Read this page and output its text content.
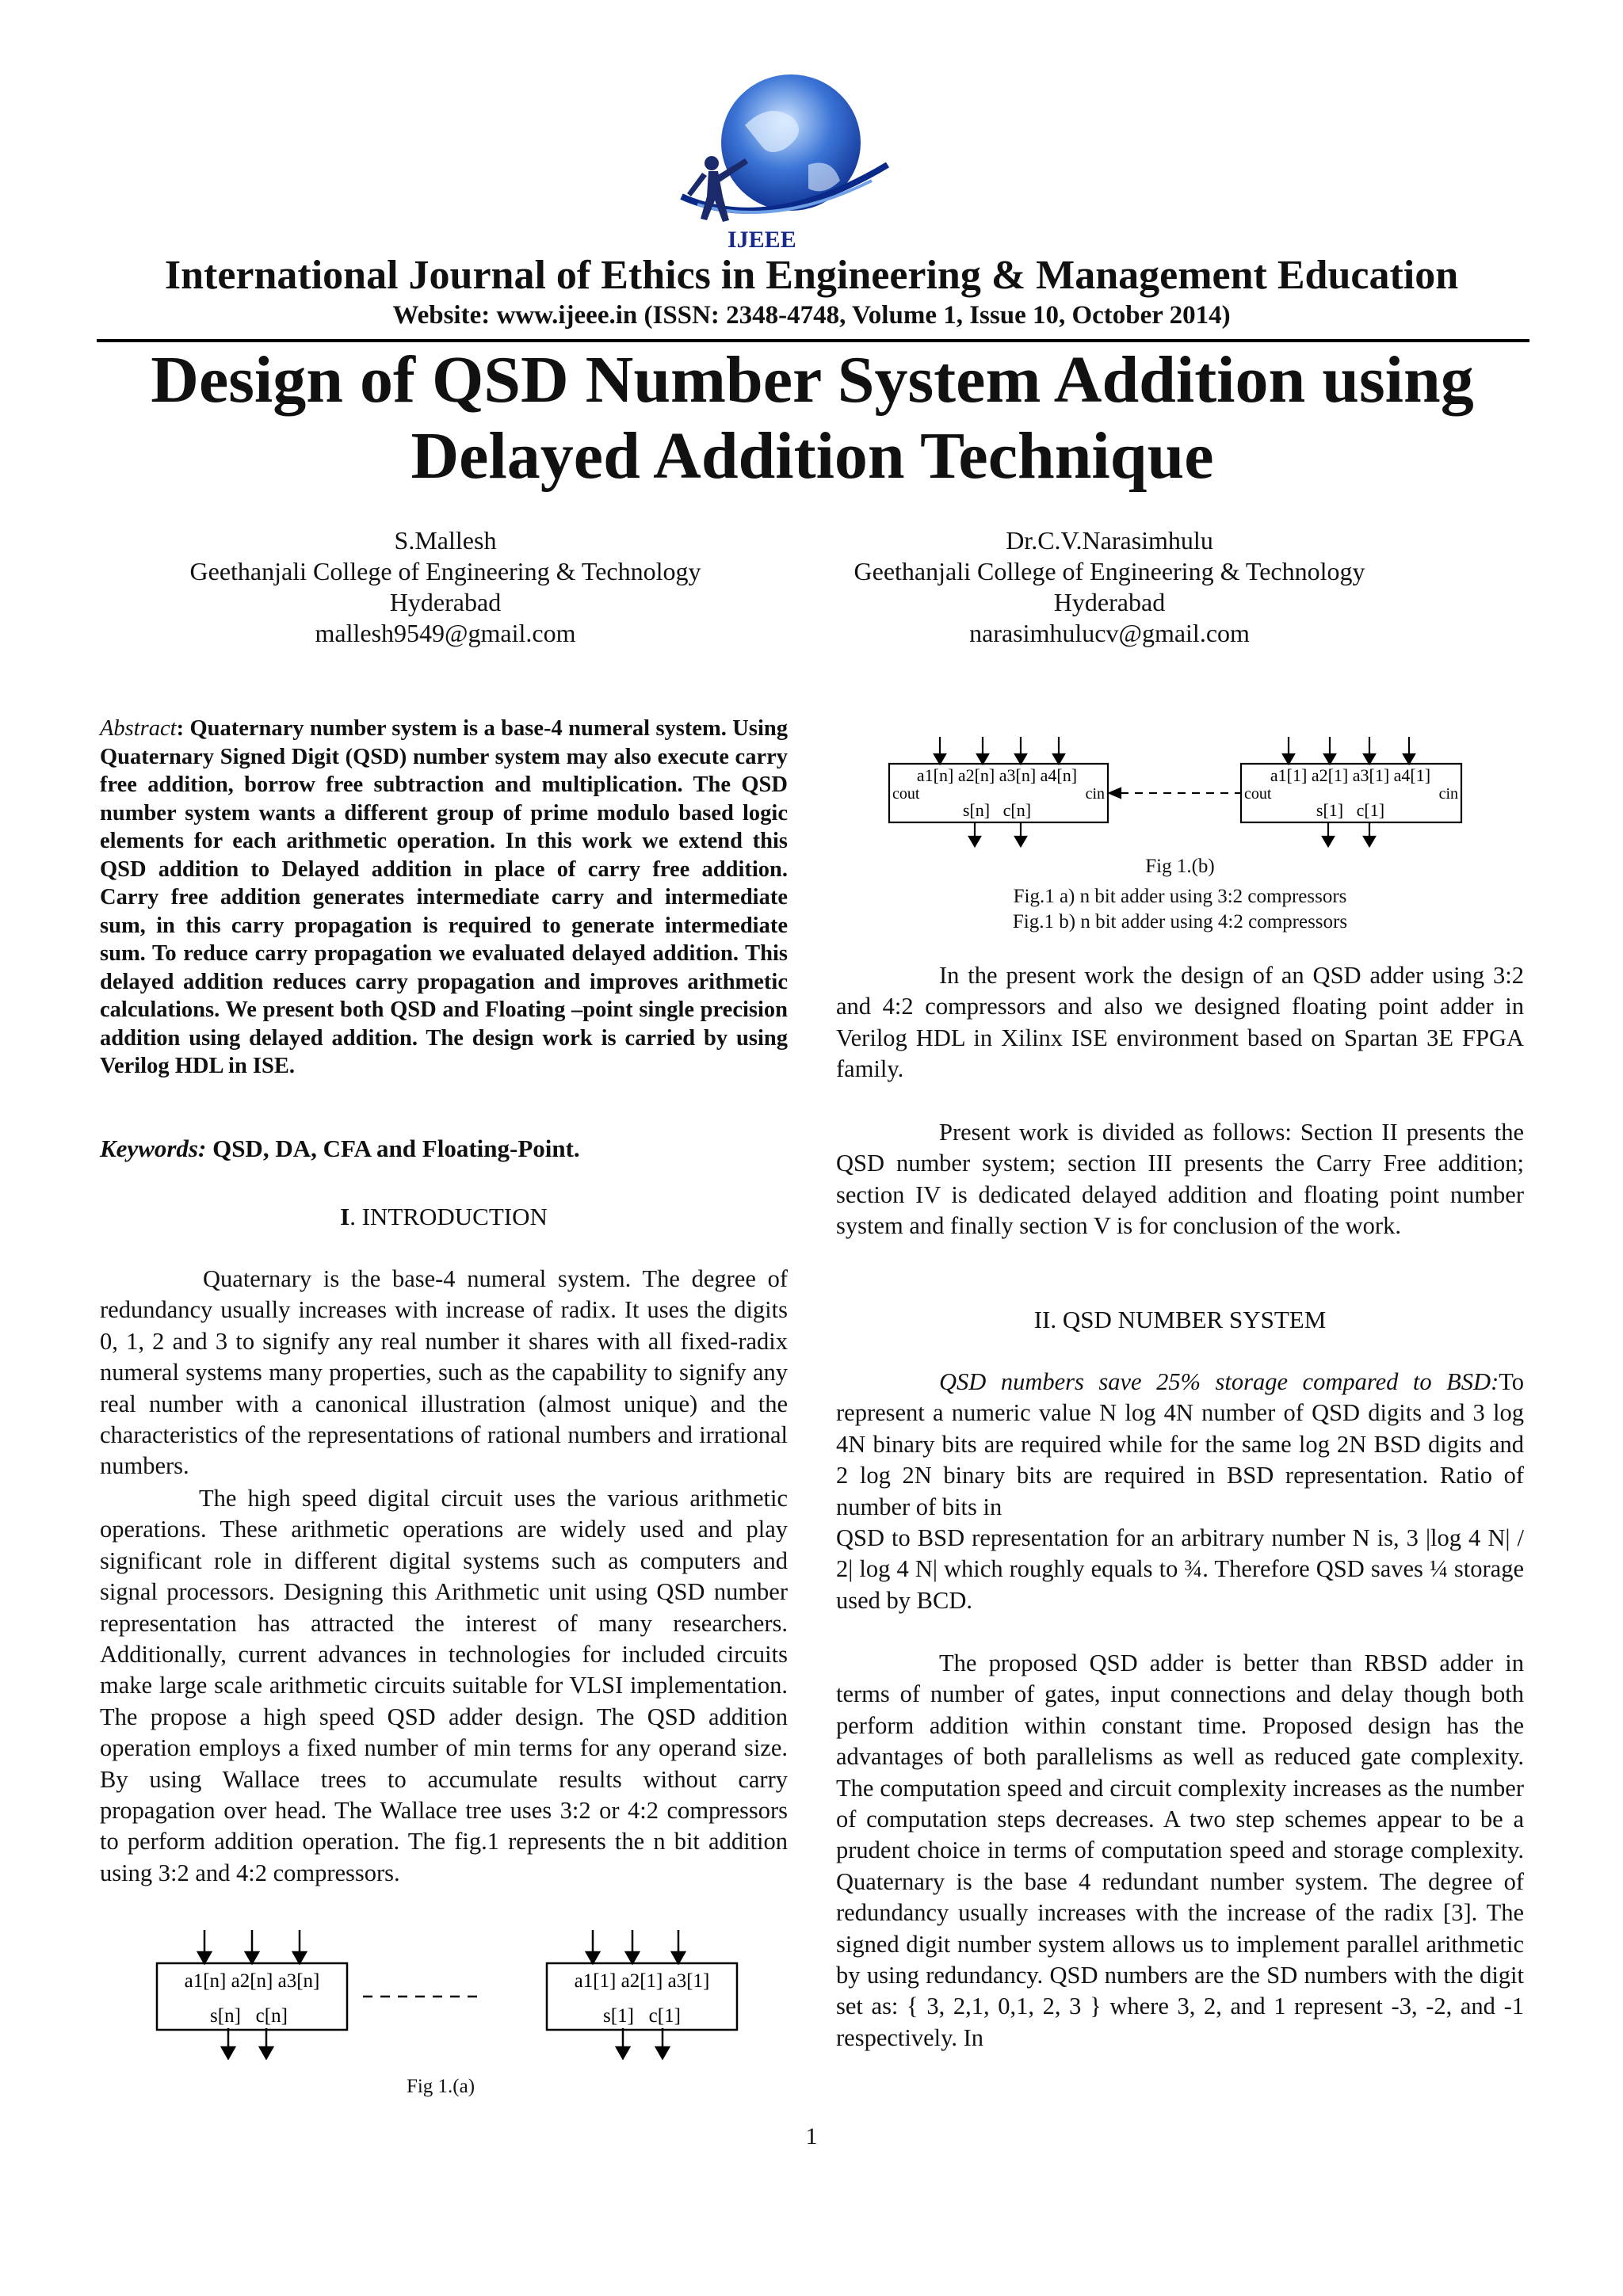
IJEEE
International Journal of Ethics in Engineering & Management Education
Website: www.ijeee.in (ISSN: 2348-4748, Volume 1, Issue 10, October 2014)
Design of QSD Number System Addition using
Delayed Addition Technique
S.Mallesh
Geethanjali College of Engineering & Technology
Hyderabad
mallesh9549@gmail.com
Dr.C.V.Narasimhulu
Geethanjali College of Engineering & Technology
Hyderabad
narasimhulucv@gmail.com
Abstract: Quaternary number system is a base-4 numeral system. Using Quaternary Signed Digit (QSD) number system may also execute carry free addition, borrow free subtraction and multiplication. The QSD number system wants a different group of prime modulo based logic elements for each arithmetic operation. In this work we extend this QSD addition to Delayed addition in place of carry free addition. Carry free addition generates intermediate carry and intermediate sum, in this carry propagation is required to generate intermediate sum. To reduce carry propagation we evaluated delayed addition. This delayed addition reduces carry propagation and improves arithmetic calculations. We present both QSD and Floating –point single precision addition using delayed addition. The design work is carried by using Verilog HDL in ISE.
Keywords: QSD, DA, CFA and Floating-Point.
I. INTRODUCTION
Quaternary is the base-4 numeral system. The degree of redundancy usually increases with increase of radix. It uses the digits 0, 1, 2 and 3 to signify any real number it shares with all fixed-radix numeral systems many properties, such as the capability to signify any real number with a canonical illustration (almost unique) and the characteristics of the representations of rational numbers and irrational numbers.
The high speed digital circuit uses the various arithmetic operations. These arithmetic operations are widely used and play significant role in different digital systems such as computers and signal processors. Designing this Arithmetic unit using QSD number representation has attracted the interest of many researchers. Additionally, current advances in technologies for included circuits make large scale arithmetic circuits suitable for VLSI implementation. The propose a high speed QSD adder design. The QSD addition operation employs a fixed number of min terms for any operand size. By using Wallace trees to accumulate results without carry propagation over head. The Wallace tree uses 3:2 or 4:2 compressors to perform addition operation. The fig.1 represents the n bit addition using 3:2 and 4:2 compressors.
a1[n] a2[n] a3[n]
s[n]   c[n]
a1[1] a2[1] a3[1]
s[1]   c[1]
Fig 1.(a)
a1[n] a2[n] a3[n] a4[n]
cout	cin
s[n]   c[n]
a1[1] a2[1] a3[1] a4[1]
cout	cin
s[1]   c[1]
Fig 1.(b)
Fig.1 a) n bit adder using 3:2 compressors
Fig.1 b) n bit adder using 4:2 compressors
In the present work the design of an QSD adder using 3:2 and 4:2 compressors and also we designed floating point adder in Verilog HDL in Xilinx ISE environment based on Spartan 3E FPGA family.
Present work is divided as follows: Section II presents the QSD number system; section III presents the Carry Free addition; section IV is dedicated delayed addition and floating point number system and finally section V is for conclusion of the work.
II. QSD NUMBER SYSTEM
QSD numbers save 25% storage compared to BSD:To represent a numeric value N log 4N number of QSD digits and 3 log 4N binary bits are required while for the same log 2N BSD digits and 2 log 2N binary bits are required in BSD representation. Ratio of number of bits in
QSD to BSD representation for an arbitrary number N is, 3 |log 4 N| / 2| log 4 N| which roughly equals to ¾. Therefore QSD saves ¼ storage used by BCD.
The proposed QSD adder is better than RBSD adder in terms of number of gates, input connections and delay though both perform addition within constant time. Proposed design has the advantages of both parallelisms as well as reduced gate complexity. The computation speed and circuit complexity increases as the number of computation steps decreases. A two step schemes appear to be a prudent choice in terms of computation speed and storage complexity. Quaternary is the base 4 redundant number system. The degree of redundancy usually increases with the increase of the radix [3]. The signed digit number system allows us to implement parallel arithmetic by using redundancy. QSD numbers are the SD numbers with the digit set as: { 3, 2,1, 0,1, 2, 3 } where 3, 2, and 1 represent -3, -2, and -1 respectively. In
1
